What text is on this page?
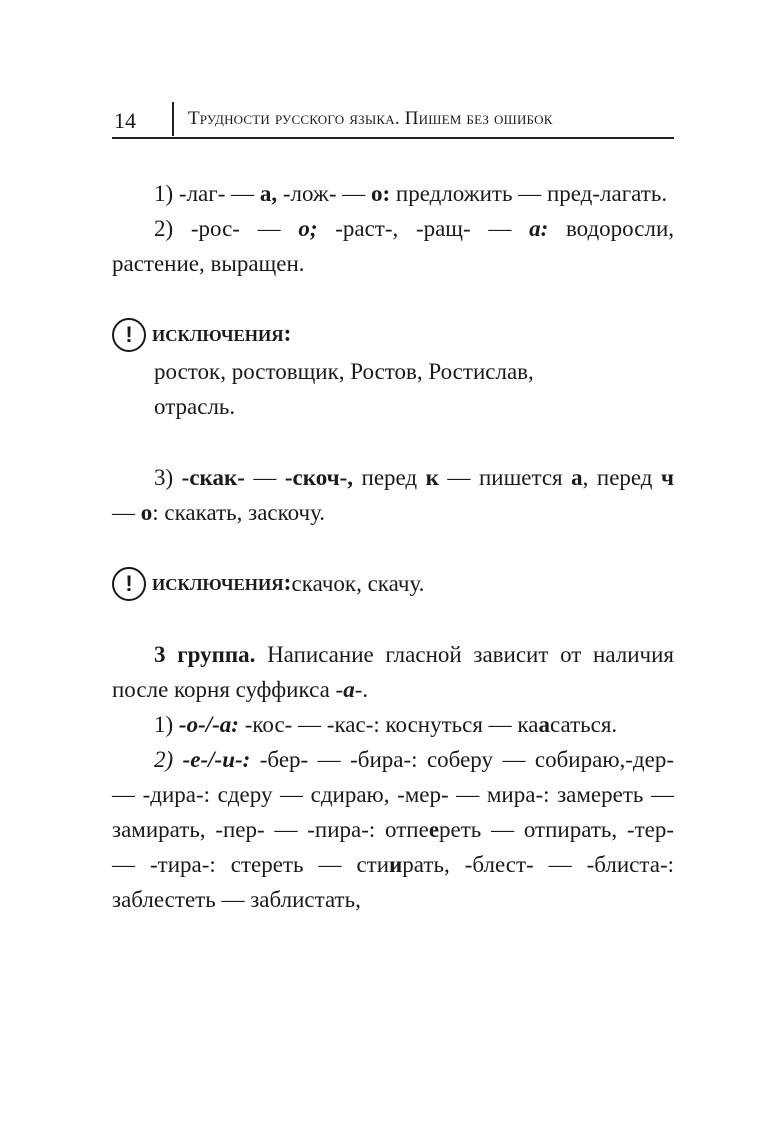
14	Трудности русского языка. Пишем без ошибок

1) -лаг- — а, -лож- — о: предложить — пред-лагать.

2) -рос- — о; -раст-, -ращ- — а: водоросли, растение, выращен.

! исключения:
росток, ростовщик, Ростов, Ростислав,
отрасль.

3) -скак- — -скоч-, перед к — пишется а, перед ч — о: скакать, заскочу.

! исключения: скачок, скачу.

3 группа. Написание гласной зависит от наличия после корня суффикса -а-.

1) -о-/-а: -кос- — -кас-: коснуться — каасаться.

2) -е-/-и-: -бер- — -бира-: соберу — собираю,-дер- — -дира-: сдеру — сдираю, -мер- — мира-: замереть — замирать, -пер- — -пира-: отпеереть — отпирать, -тер- — -тира-: стереть — стиирать, -блест- — -блиста-: заблестеть — заблистать,
